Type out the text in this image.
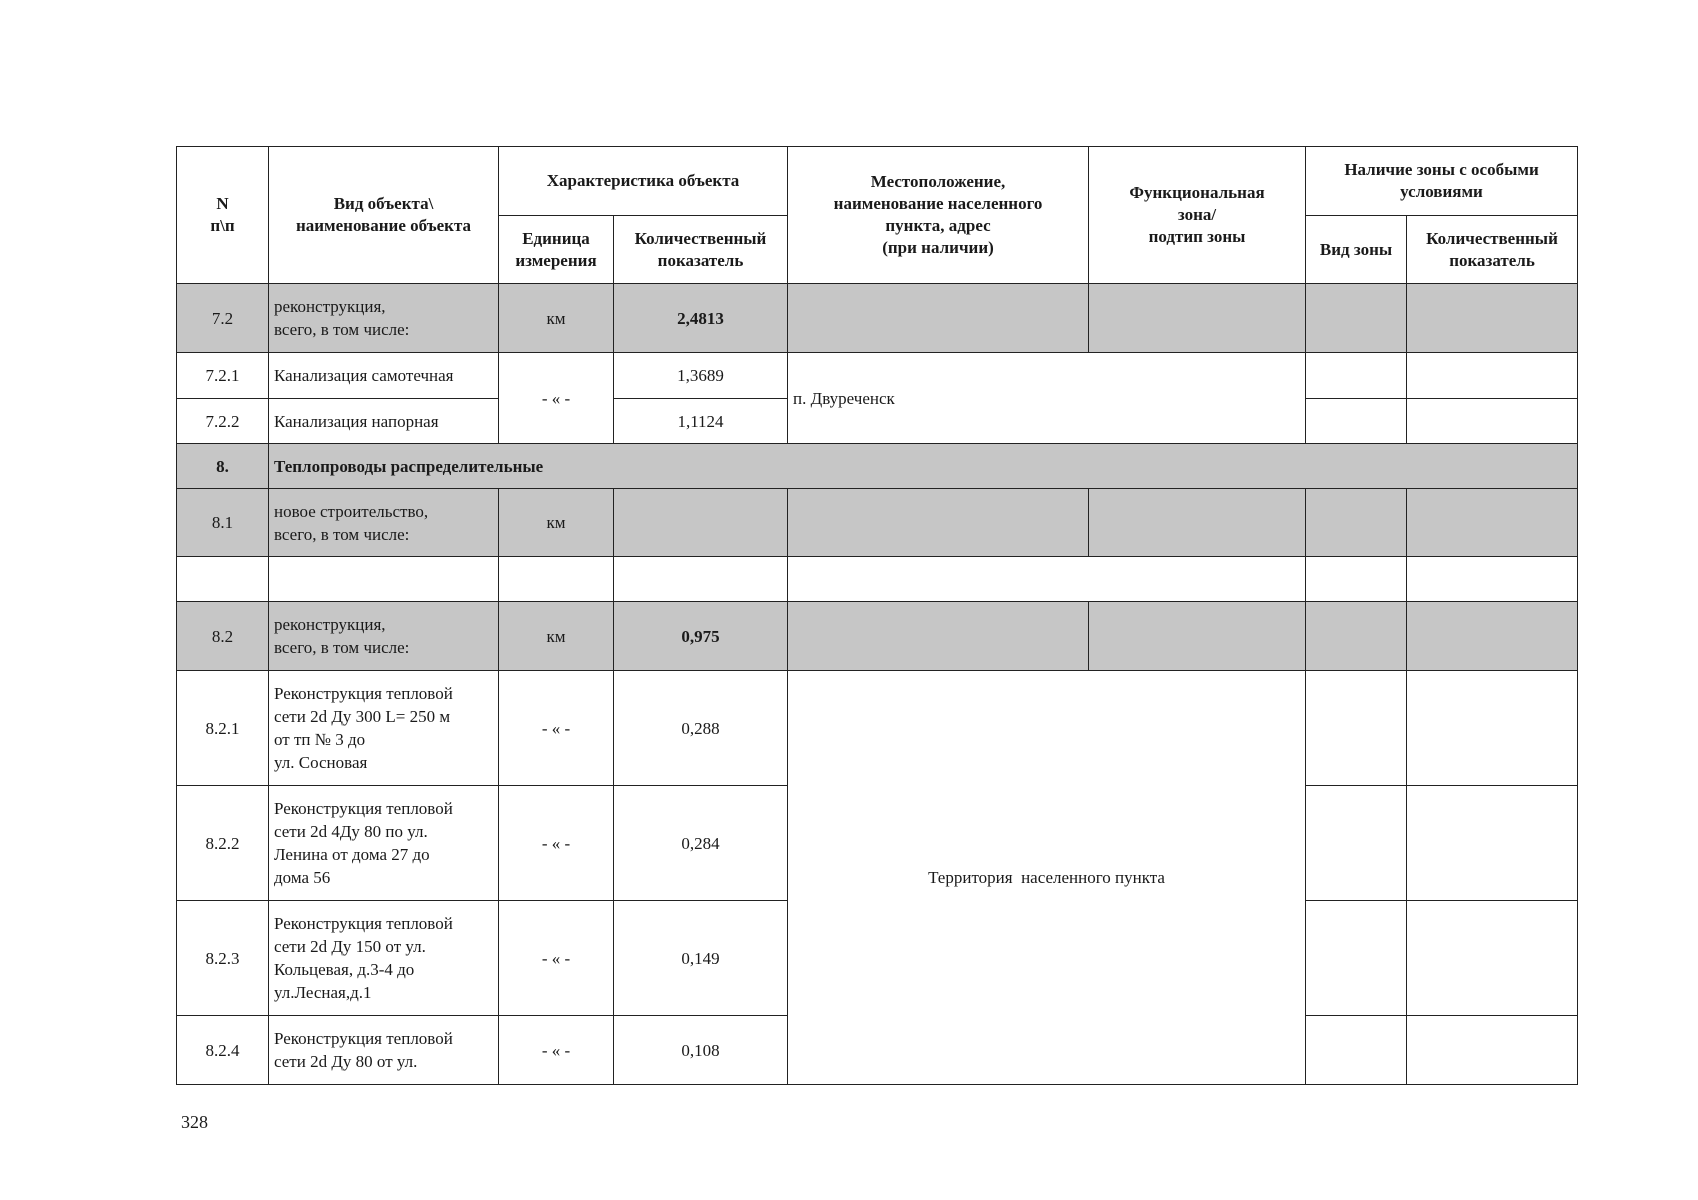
N
п\п	Вид объекта\
наименование объекта	Характеристика объекта		Местоположение,
наименование населенного
пункта, адрес
(при наличии)	Функциональная
зона/
подтип зоны	Наличие зоны с особыми
условиями	
		Единица
измерения	Количественный
показатель			Вид зоны	Количественный
показатель
7.2	реконструкция,
всего, в том числе:	км	2,4813				
7.2.1	Канализация самотечная	- « -	1,3689	п. Двуреченск			
7.2.2	Канализация напорная		1,1124				
8.	Теплопроводы распределительные						
8.1	новое строительство,
всего, в том числе:	км					

8.2	реконструкция,
всего, в том числе:	км	0,975				
8.2.1	Реконструкция тепловой
сети 2d Ду 300 L= 250 м
от тп № 3 до
ул. Сосновая	- « -	0,288	Территория  населенного пункта			
8.2.2	Реконструкция тепловой
сети 2d 4Ду 80 по ул.
Ленина от дома 27 до
дома 56	- « -	0,284				
8.2.3	Реконструкция тепловой
сети 2d Ду 150 от ул.
Кольцевая, д.3-4 до
ул.Лесная,д.1	- « -	0,149				
8.2.4	Реконструкция тепловой
сети 2d Ду 80 от ул.	- « -	0,108				
328
